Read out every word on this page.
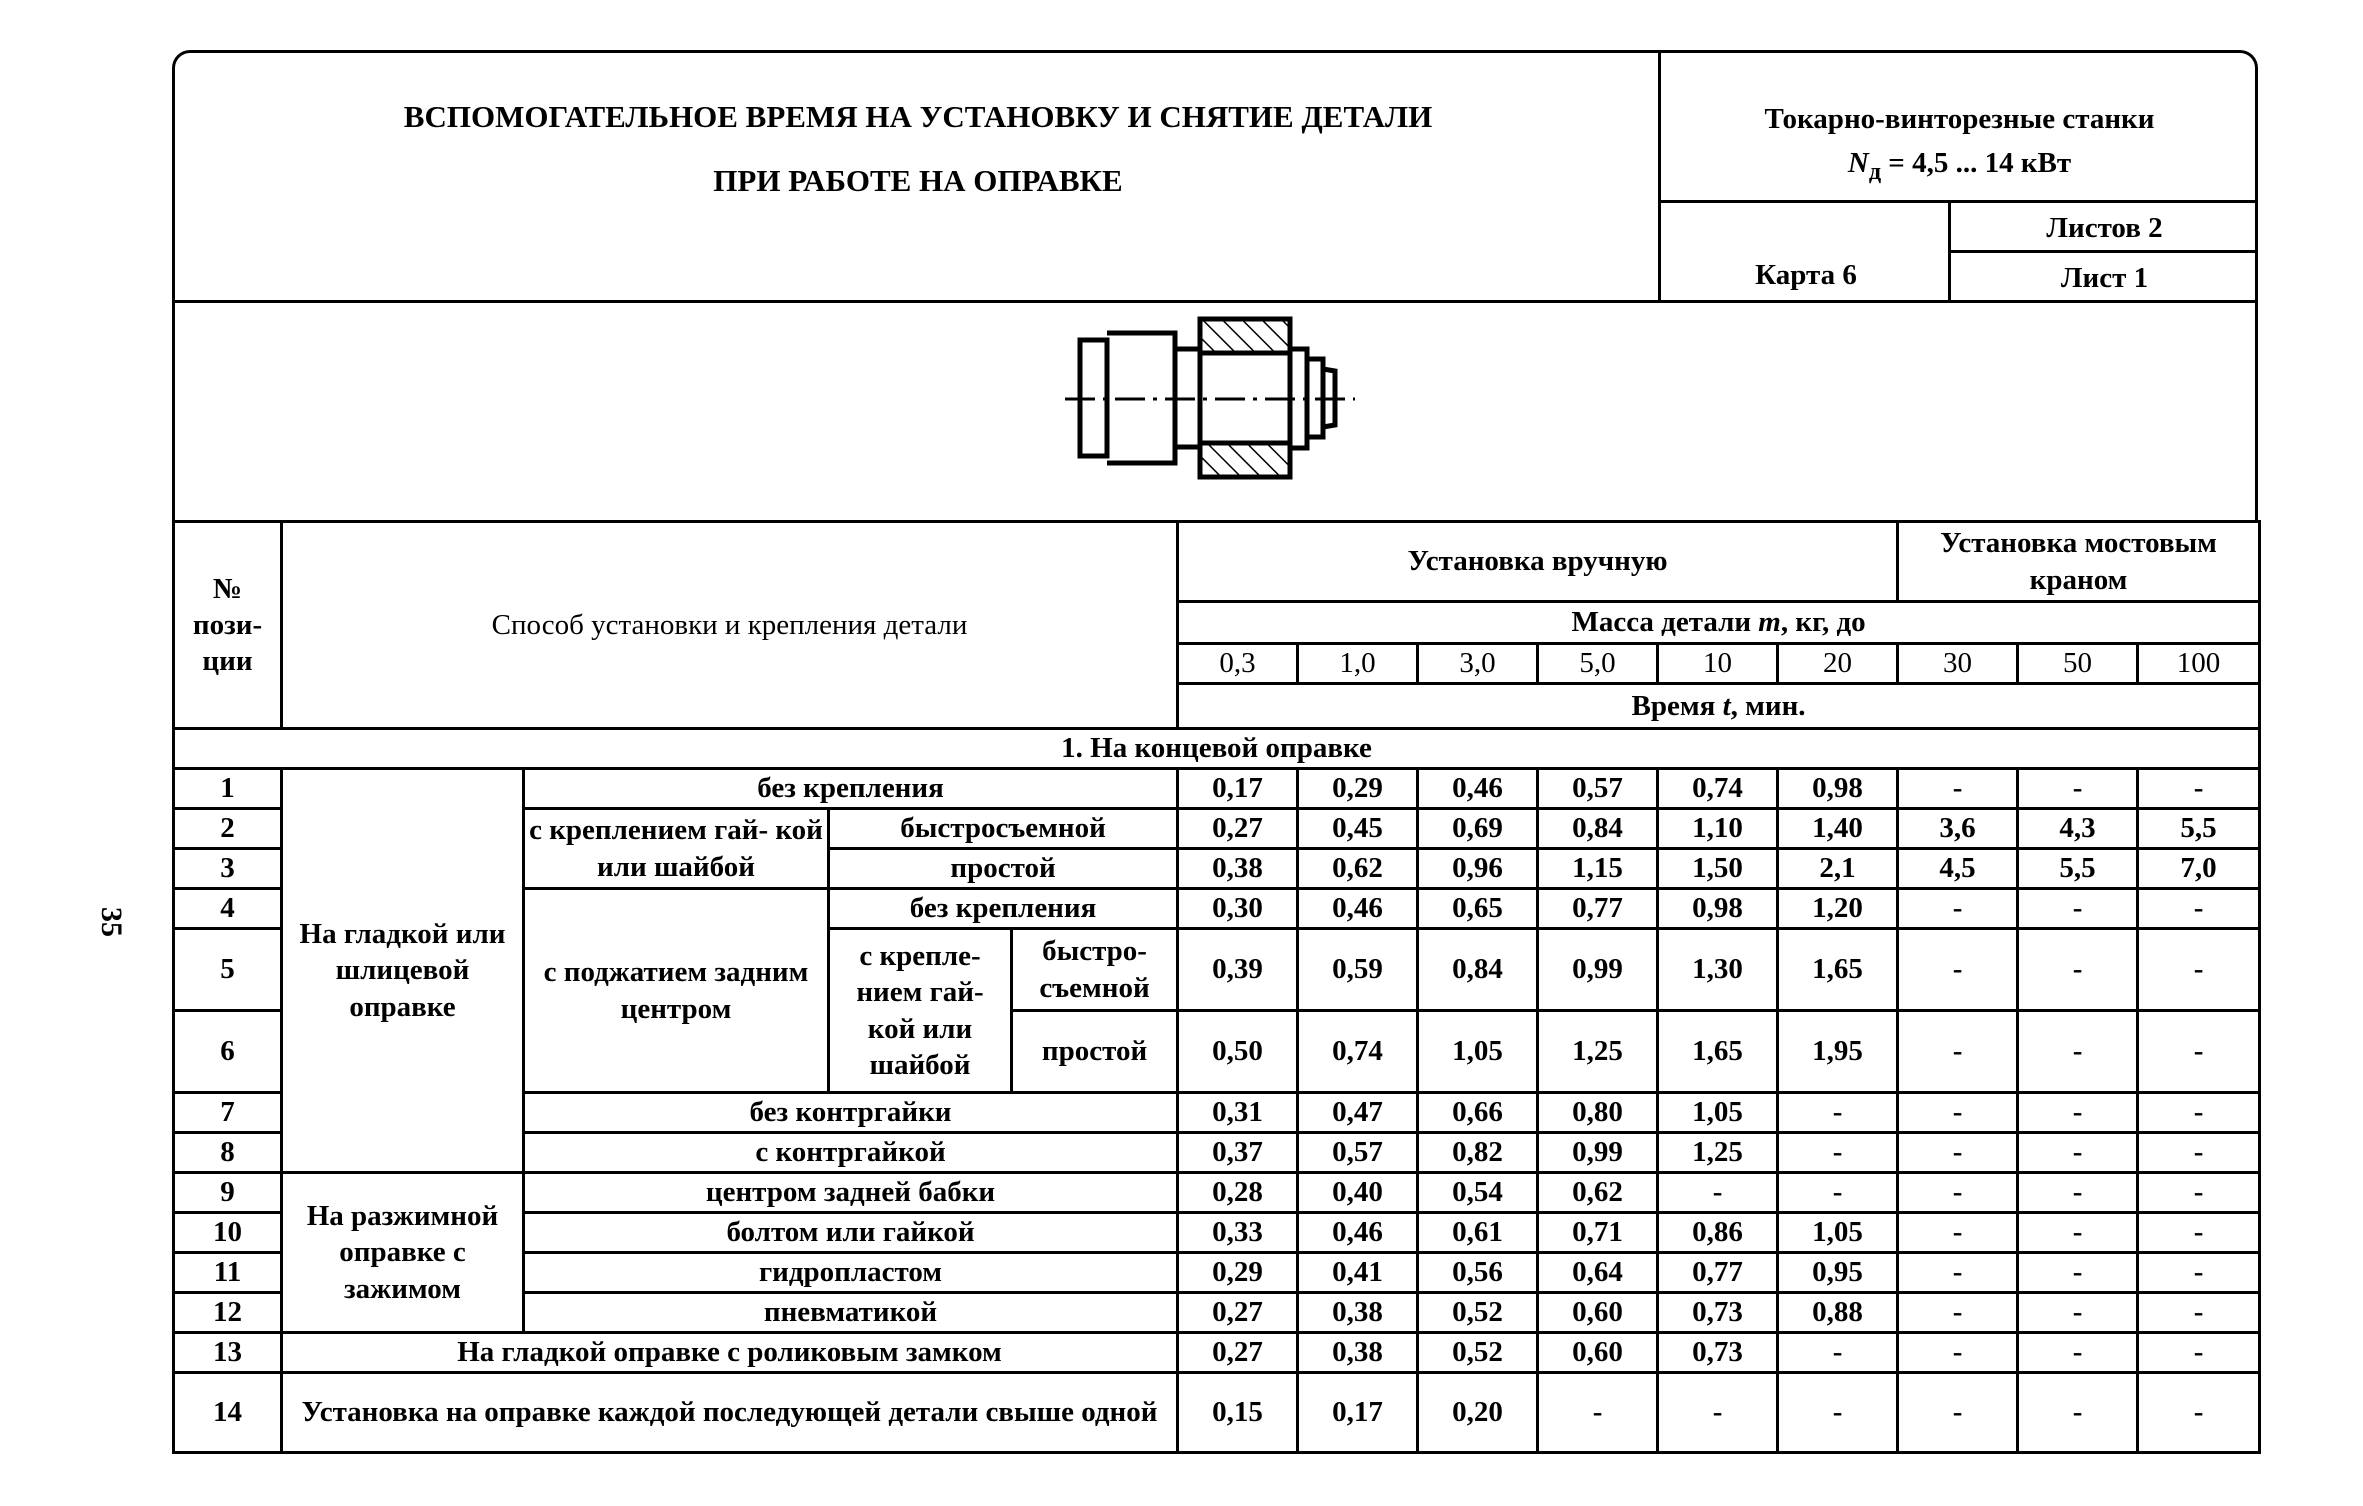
35
ВСПОМОГАТЕЛЬНОЕ ВРЕМЯ НА УСТАНОВКУ И СНЯТИЕ ДЕТАЛИ
ПРИ РАБОТЕ НА ОПРАВКЕ
Токарно-винторезные станки
$N_д = 4,5$ ... 14 кВт
Карта 6
Листов 2
Лист 1
№ пози- ции	Способ установки и крепления детали				Установка вручную						Установка мостовым краном		
					Масса детали m, кг, до								
					0,3	1,0	3,0	5,0	10	20	30	50	100
					Время t, мин.								
1. На концевой оправке													
1	На гладкой или шлицевой оправке	без крепления			0,17	0,29	0,46	0,57	0,74	0,98	-	-	-
2		с креплением гай- кой или шайбой	быстросъемной		0,27	0,45	0,69	0,84	1,10	1,40	3,6	4,3	5,5
3			простой		0,38	0,62	0,96	1,15	1,50	2,1	4,5	5,5	7,0
4		с поджатием задним центром	без крепления		0,30	0,46	0,65	0,77	0,98	1,20	-	-	-
5			с крепле- нием гай- кой или шайбой	быстро- съемной	0,39	0,59	0,84	0,99	1,30	1,65	-	-	-
6				простой	0,50	0,74	1,05	1,25	1,65	1,95	-	-	-
7		без контргайки			0,31	0,47	0,66	0,80	1,05	-	-	-	-
8		с контргайкой			0,37	0,57	0,82	0,99	1,25	-	-	-	-
9	На разжимной оправке с зажимом	центром задней бабки			0,28	0,40	0,54	0,62	-	-	-	-	-
10		болтом или гайкой			0,33	0,46	0,61	0,71	0,86	1,05	-	-	-
11		гидропластом			0,29	0,41	0,56	0,64	0,77	0,95	-	-	-
12		пневматикой			0,27	0,38	0,52	0,60	0,73	0,88	-	-	-
13	На гладкой оправке с роликовым замком				0,27	0,38	0,52	0,60	0,73	-	-	-	-
14	Установка на оправке каждой последующей детали свыше одной				0,15	0,17	0,20	-	-	-	-	-	-
